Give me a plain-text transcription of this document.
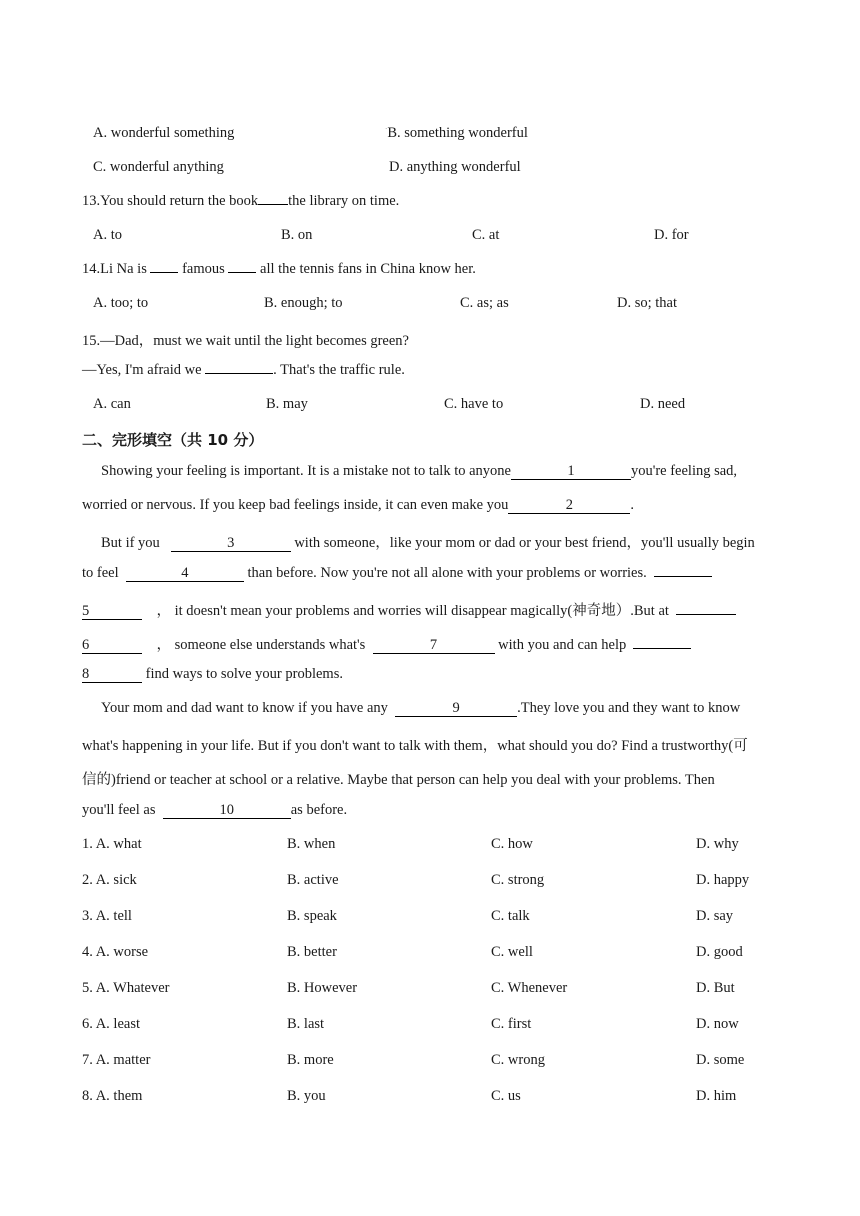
A. wonderful something	·B. something wonderful
C. wonderful anything	D. anything wonderful
13.You should return the book the library on time.
A. to	B. on	C. at	D. for
14.Li Na is famous all the tennis fans in China know her.
A. too; to	B. enough; to	C. as; as	D. so; that
15.—Dad，must we wait until the light becomes green?
—Yes, I'm afraid we	. That's the traffic rule.
A. can	B. may	C. have to	D. need
二、完形填空（共 10 分）
Showing your feeling is important. It is a mistake not to talk to anyone	1	you're feeling sad,
worried or nervous. If you keep bad feelings inside, it can even make you	2	.
But if you	3	with someone，like your mom or dad or your best friend，you'll usually begin
to feel	4	than before. Now you're not all alone with your problems or worries.
5	， it doesn't mean your problems and worries will disappear magically(神奇地）.But at
6	， someone else understands what's	7	with you and can help
8	find ways to solve your problems.
Your mom and dad want to know if you have any	9	.They love you and they want to know
what's happening in your life. But if you don't want to talk with them，what should you do? Find a trustworthy(可
信的)friend or teacher at school or a relative. Maybe that person can help you deal with your problems. Then
you'll feel as	10	as before.
1. A. what	B. when	C. how	D. why
2. A. sick	B. active	C. strong	D. happy
3. A. tell	B. speak	C. talk	D. say
4. A. worse	B. better	C. well	D. good
5. A. Whatever	B. However	C. Whenever	D. But
6. A. least	B. last	C. first	D. now
7. A. matter	B. more	C. wrong	D. some
8. A. them	B. you	C. us	D. him
